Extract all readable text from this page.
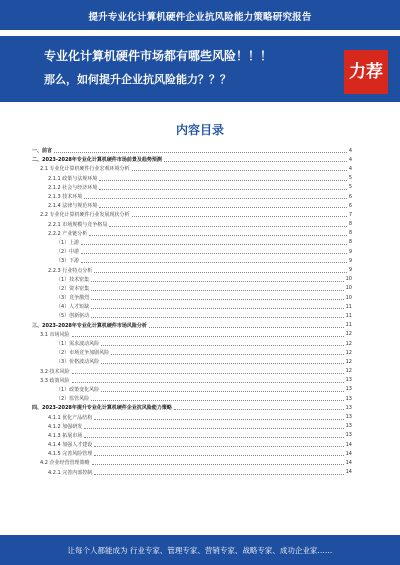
提升专业化计算机硬件企业抗风险能力策略研究报告
专业化计算机硬件市场都有哪些风险！！！
那么，如何提升企业抗风险能力？？？	力荐
内容目录
一、前言	4
二、2023-2028年专业化计算机硬件市场前景及趋势预测	4
2.1 专业化计算机硬件行业宏观环境分析	4
2.1.1 政策与法规环境	5
2.1.2 社会与经济环境	5
2.1.3 技术环境	6
2.1.4 法律与规范环境	6
2.2 专业化计算机硬件行业发展现状分析	7
2.2.1 市场规模与竞争格局	8
2.2.2 产业链分析	8
（1）上游	8
（2）中游	9
（3）下游	9
2.2.3 行业特点分析	9
（1）技术密集	10
（2）资本密集	10
（3）竞争激烈	10
（4）人才短缺	11
（5）创新驱动	11
三、2023-2028年专业化计算机硬件市场风险分析	11
3.1 市场风险	12
（1）需求波动风险	12
（2）市场竞争加剧风险	12
（3）价格波动风险	12
3.2 技术风险	12
3.3 政策风险	13
（1）政策变化风险	13
（2）监管风险	13
四、2023-2028年提升专业化计算机硬件企业抗风险能力策略	13
4.1.1 优化产品结构	13
4.1.2 加强研发	13
4.1.3 拓展市场	13
4.1.4 加强人才建设	14
4.1.5 完善风险管理	14
4.2 企业经营管理策略	14
4.2.1 完善内部控制	14
让每个人都能成为 行业专家、管理专家、营销专家、战略专家、成功企业家……
